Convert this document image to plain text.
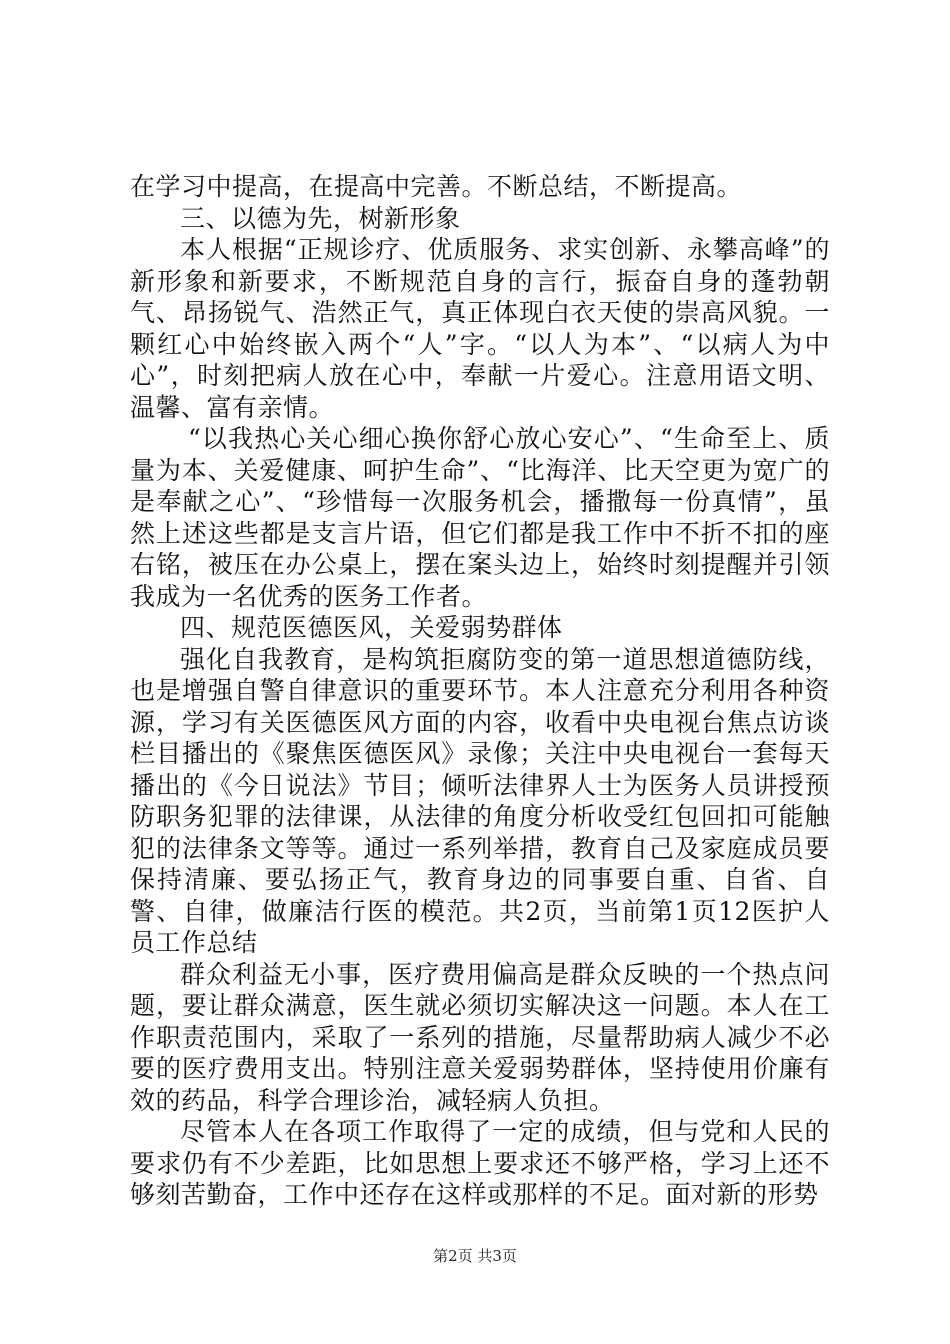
在学习中提高，在提高中完善。不断总结，不断提高。

三、以德为先，树新形象

本人根据“正规诊疗、优质服务、求实创新、永攀高峰”的新形象和新要求，不断规范自身的言行，振奋自身的蓬勃朝气、昂扬锐气、浩然正气，真正体现白衣天使的崇高风貌。一颗红心中始终嵌入两个“人”字。“以人为本”、“以病人为中心”，时刻把病人放在心中，奉献一片爱心。注意用语文明、温馨、富有亲情。

“以我热心关心细心换你舒心放心安心”、“生命至上、质量为本、关爱健康、呵护生命”、“比海洋、比天空更为宽广的是奉献之心”、“珍惜每一次服务机会，播撒每一份真情”，虽然上述这些都是支言片语，但它们都是我工作中不折不扣的座右铭，被压在办公桌上，摆在案头边上，始终时刻提醒并引领我成为一名优秀的医务工作者。

四、规范医德医风，关爱弱势群体

强化自我教育，是构筑拒腐防变的第一道思想道德防线，也是增强自警自律意识的重要环节。本人注意充分利用各种资源，学习有关医德医风方面的内容，收看中央电视台焦点访谈栏目播出的《聚焦医德医风》录像；关注中央电视台一套每天播出的《今日说法》节目；倾听法律界人士为医务人员讲授预防职务犯罪的法律课，从法律的角度分析收受红包回扣可能触犯的法律条文等等。通过一系列举措，教育自己及家庭成员要保持清廉、要弘扬正气，教育身边的同事要自重、自省、自警、自律，做廉洁行医的模范。共2页，当前第1页12医护人员工作总结

群众利益无小事，医疗费用偏高是群众反映的一个热点问题，要让群众满意，医生就必须切实解决这一问题。本人在工作职责范围内，采取了一系列的措施，尽量帮助病人减少不必要的医疗费用支出。特别注意关爱弱势群体，坚持使用价廉有效的药品，科学合理诊治，减轻病人负担。

尽管本人在各项工作取得了一定的成绩，但与党和人民的要求仍有不少差距，比如思想上要求还不够严格，学习上还不够刻苦勤奋，工作中还存在这样或那样的不足。面对新的形势

第2页 共3页
